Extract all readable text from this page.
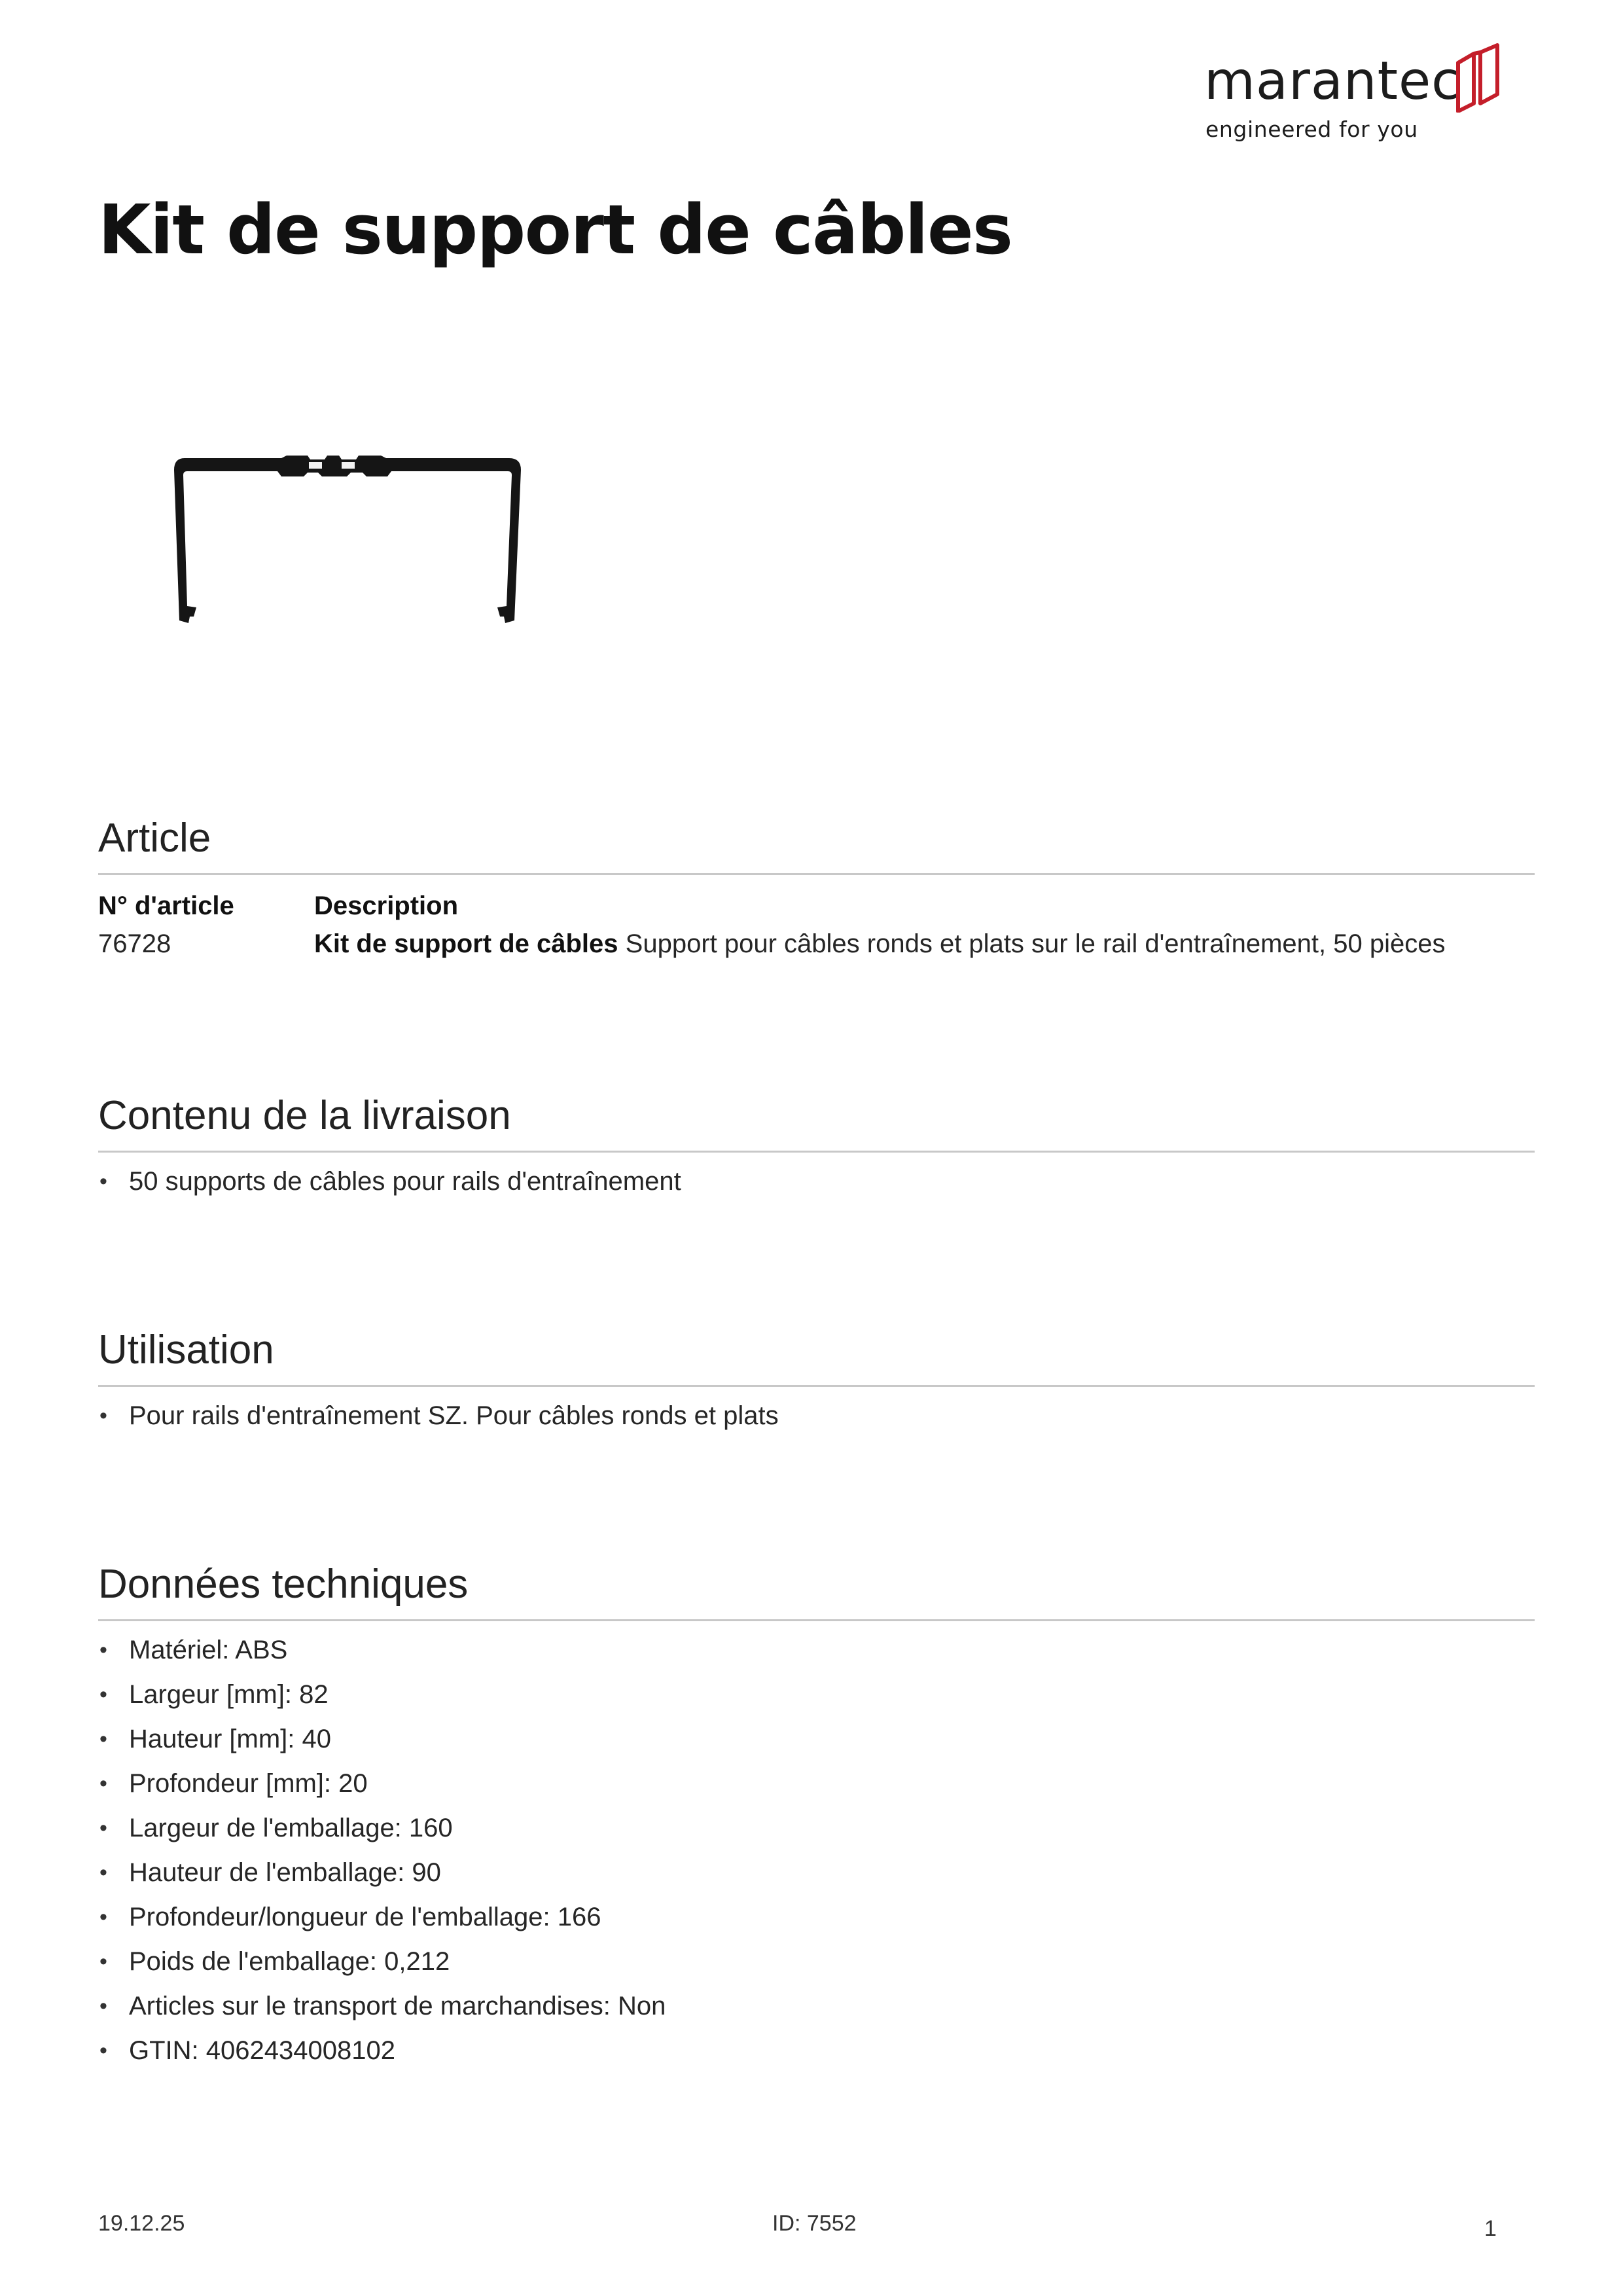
marantec
engineered for you
Kit de support de câbles
Article
N° d'article	Description
76728	Kit de support de câbles Support pour câbles ronds et plats sur le rail d'entraînement, 50 pièces
Contenu de la livraison
• 50 supports de câbles pour rails d'entraînement
Utilisation
• Pour rails d'entraînement SZ. Pour câbles ronds et plats
Données techniques
• Matériel: ABS
• Largeur [mm]: 82
• Hauteur [mm]: 40
• Profondeur [mm]: 20
• Largeur de l'emballage: 160
• Hauteur de l'emballage: 90
• Profondeur/longueur de l'emballage: 166
• Poids de l'emballage: 0,212
• Articles sur le transport de marchandises: Non
• GTIN: 4062434008102
19.12.25	ID: 7552	1
